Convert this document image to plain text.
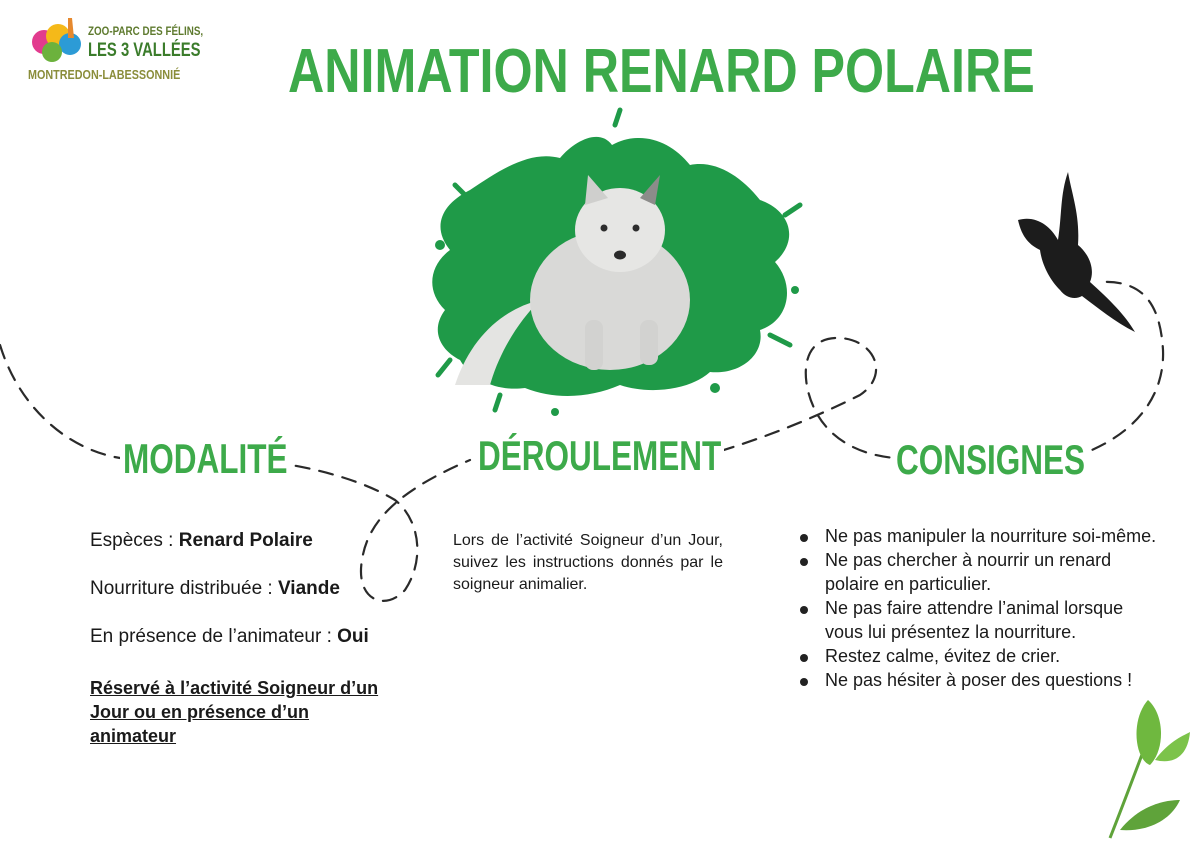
ZOO-PARC DES FÉLINS,
LES 3 VALLÉES
MONTREDON-LABESSONNIÉ ANIMATION RENARD POLAIRE
MODALITÉ	DÉROULEMENT	CONSIGNES
Espèces : Renard Polaire
Nourriture distribuée : Viande
En présence de l’animateur : Oui
Réservé à l’activité Soigneur d’un Jour ou en présence d’un animateur
Lors de l’activité Soigneur d’un Jour, suivez les instructions donnés par le soigneur animalier.
Ne pas manipuler la nourriture soi-même.
Ne pas chercher à nourrir un renard polaire en particulier.
Ne pas faire attendre l’animal lorsque vous lui présentez la nourriture.
Restez calme, évitez de crier.
Ne pas hésiter à poser des questions !
